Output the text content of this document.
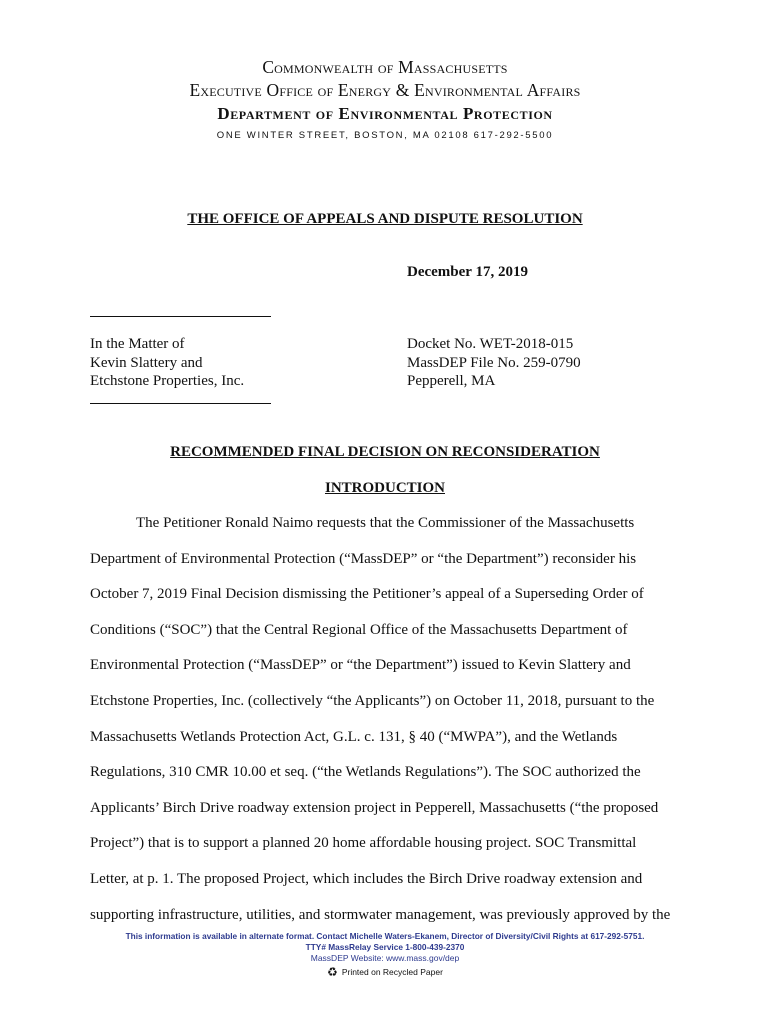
Commonwealth of Massachusetts
Executive Office of Energy & Environmental Affairs
Department of Environmental Protection
ONE WINTER STREET, BOSTON, MA 02108 617-292-5500
THE OFFICE OF APPEALS AND DISPUTE RESOLUTION
December 17, 2019
In the Matter of
Kevin Slattery and
Etchstone Properties, Inc.
Docket No. WET-2018-015
MassDEP File No. 259-0790
Pepperell, MA
RECOMMENDED FINAL DECISION ON RECONSIDERATION
INTRODUCTION
The Petitioner Ronald Naimo requests that the Commissioner of the Massachusetts
Department of Environmental Protection (“MassDEP” or “the Department”) reconsider his
October 7, 2019 Final Decision dismissing the Petitioner’s appeal of a Superseding Order of
Conditions (“SOC”) that the Central Regional Office of the Massachusetts Department of
Environmental Protection (“MassDEP” or “the Department”) issued to Kevin Slattery and
Etchstone Properties, Inc. (collectively “the Applicants”) on October 11, 2018, pursuant to the
Massachusetts Wetlands Protection Act, G.L. c. 131, § 40 (“MWPA”), and the Wetlands
Regulations, 310 CMR 10.00 et seq. (“the Wetlands Regulations”). The SOC authorized the
Applicants’ Birch Drive roadway extension project in Pepperell, Massachusetts (“the proposed
Project”) that is to support a planned 20 home affordable housing project. SOC Transmittal
Letter, at p. 1. The proposed Project, which includes the Birch Drive roadway extension and
supporting infrastructure, utilities, and stormwater management, was previously approved by the
This information is available in alternate format. Contact Michelle Waters-Ekanem, Director of Diversity/Civil Rights at 617-292-5751.
TTY# MassRelay Service 1-800-439-2370
MassDEP Website: www.mass.gov/dep
♻ Printed on Recycled Paper
